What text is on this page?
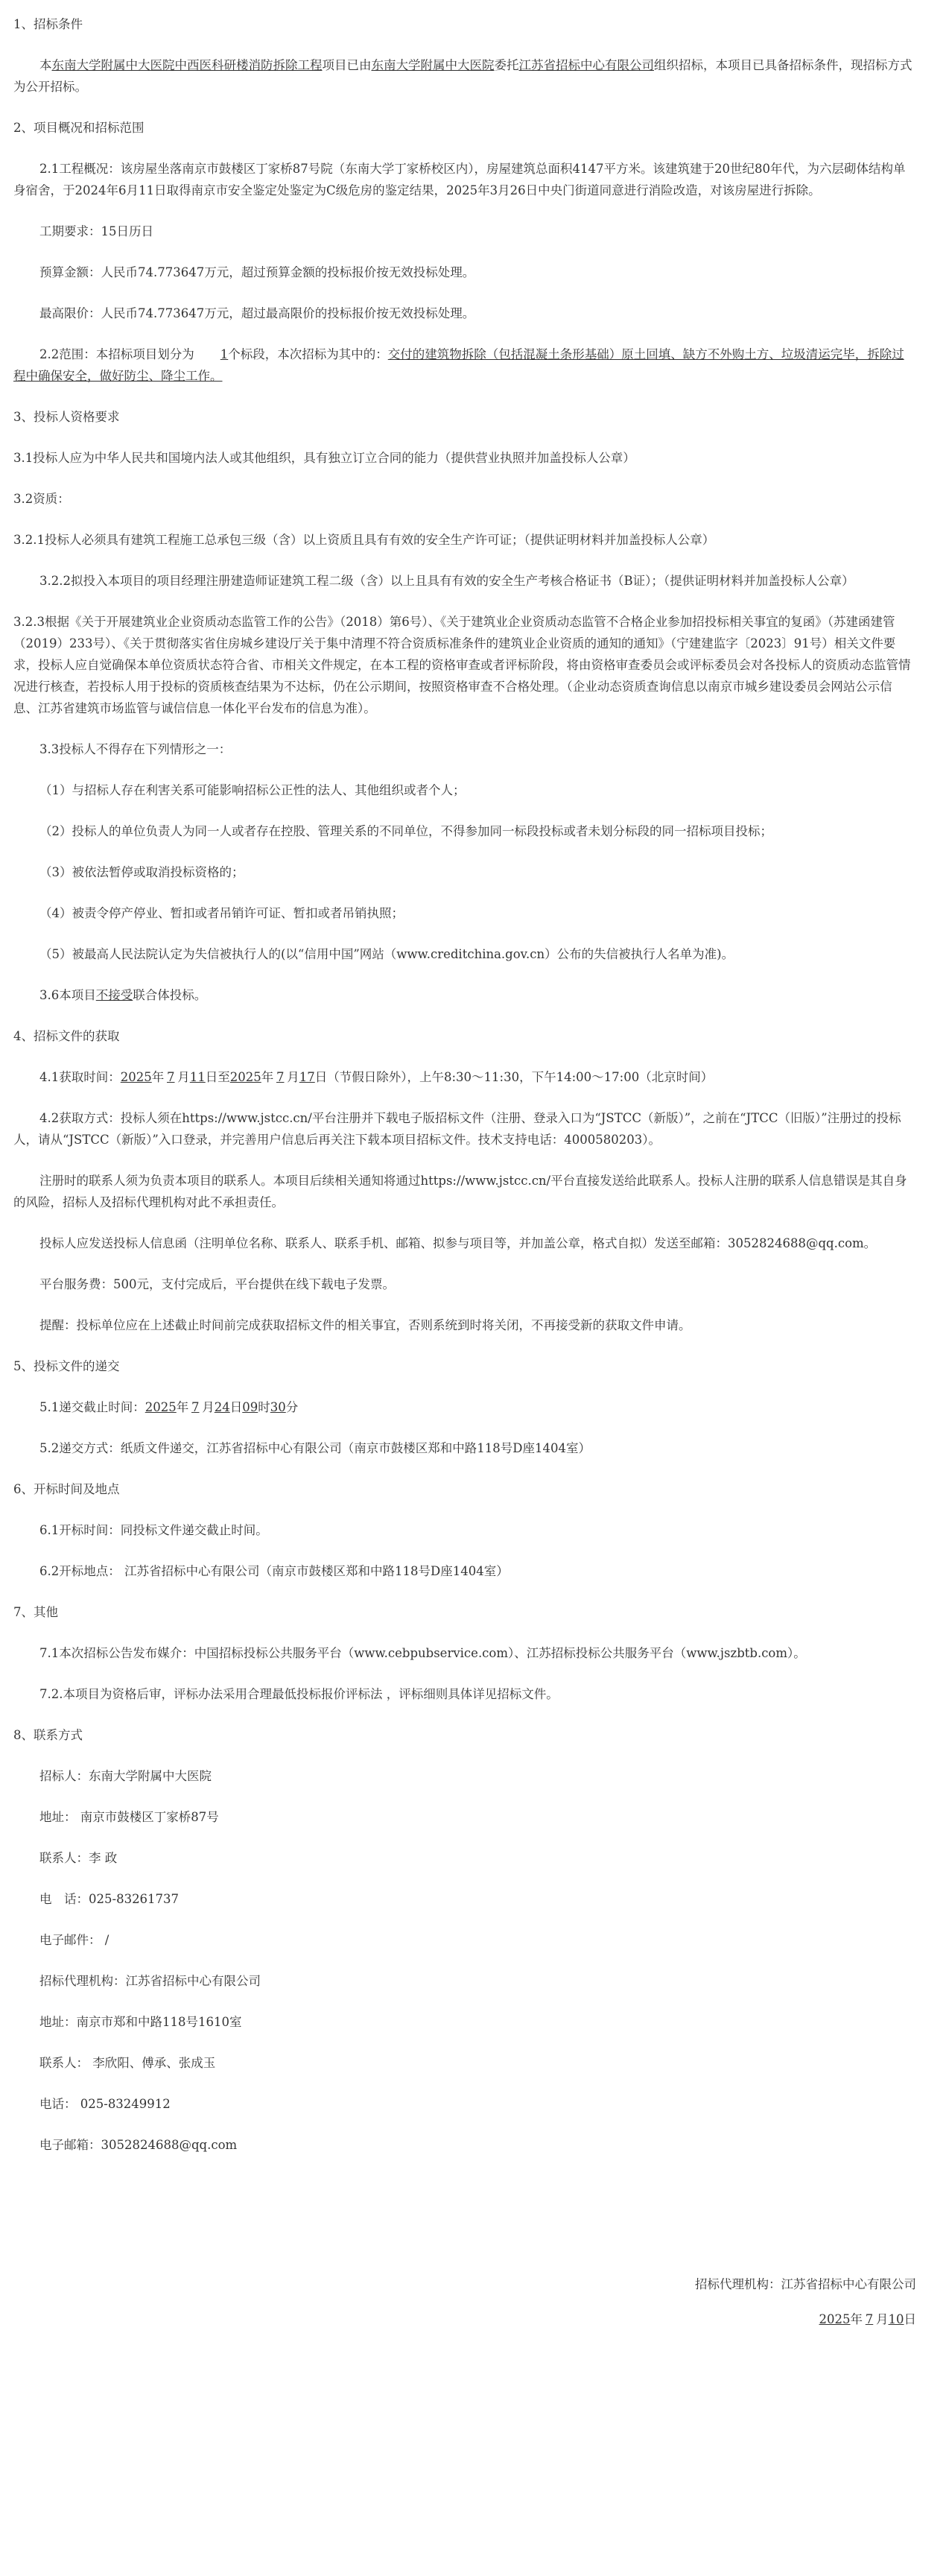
1、招标条件
本东南大学附属中大医院中西医科研楼消防拆除工程项目已由东南大学附属中大医院委托江苏省招标中心有限公司组织招标，本项目已具备招标条件，现招标方式为公开招标。
2、项目概况和招标范围
2.1工程概况：该房屋坐落南京市鼓楼区丁家桥87号院（东南大学丁家桥校区内），房屋建筑总面积4147平方米。该建筑建于20世纪80年代，为六层砌体结构单身宿舍，于2024年6月11日取得南京市安全鉴定处鉴定为C级危房的鉴定结果，2025年3月26日中央门街道同意进行消险改造，对该房屋进行拆除。
工期要求：15日历日
预算金额：人民币74.773647万元，超过预算金额的投标报价按无效投标处理。
最高限价：人民币74.773647万元，超过最高限价的投标报价按无效投标处理。
2.2范围：本招标项目划分为 1个标段，本次招标为其中的：交付的建筑物拆除（包括混凝土条形基础）原土回填、缺方不外购土方、垃圾清运完毕，拆除过程中确保安全，做好防尘、降尘工作。
3、投标人资格要求
3.1投标人应为中华人民共和国境内法人或其他组织，具有独立订立合同的能力（提供营业执照并加盖投标人公章）
3.2资质：
3.2.1投标人必须具有建筑工程施工总承包三级（含）以上资质且具有有效的安全生产许可证；（提供证明材料并加盖投标人公章）
3.2.2拟投入本项目的项目经理注册建造师证建筑工程二级（含）以上且具有有效的安全生产考核合格证书（B证）；（提供证明材料并加盖投标人公章）
3.2.3根据《关于开展建筑业企业资质动态监管工作的公告》（2018）第6号）、《关于建筑业企业资质动态监管不合格企业参加招投标相关事宜的复函》（苏建函建管（2019）233号）、《关于贯彻落实省住房城乡建设厅关于集中清理不符合资质标准条件的建筑业企业资质的通知的通知》（宁建建监字〔2023〕91号）相关文件要求，投标人应自觉确保本单位资质状态符合省、市相关文件规定，在本工程的资格审查或者评标阶段，将由资格审查委员会或评标委员会对各投标人的资质动态监管情况进行核查，若投标人用于投标的资质核查结果为不达标，仍在公示期间，按照资格审查不合格处理。（企业动态资质查询信息以南京市城乡建设委员会网站公示信息、江苏省建筑市场监管与诚信信息一体化平台发布的信息为准）。
3.3投标人不得存在下列情形之一：
（1）与招标人存在利害关系可能影响招标公正性的法人、其他组织或者个人；
（2）投标人的单位负责人为同一人或者存在控股、管理关系的不同单位，不得参加同一标段投标或者未划分标段的同一招标项目投标；
（3）被依法暂停或取消投标资格的；
（4）被责令停产停业、暂扣或者吊销许可证、暂扣或者吊销执照；
（5）被最高人民法院认定为失信被执行人的(以“信用中国”网站（www.creditchina.gov.cn）公布的失信被执行人名单为准)。
3.6本项目不接受联合体投标。
4、招标文件的获取
4.1获取时间：2025年 7 月11日至2025年 7 月17日（节假日除外），上午8:30～11:30，下午14:00～17:00（北京时间）
4.2获取方式：投标人须在https://www.jstcc.cn/平台注册并下载电子版招标文件（注册、登录入口为“JSTCC（新版）”，之前在“JTCC（旧版）”注册过的投标人，请从“JSTCC（新版）”入口登录，并完善用户信息后再关注下载本项目招标文件。技术支持电话：4000580203）。
注册时的联系人须为负责本项目的联系人。本项目后续相关通知将通过https://www.jstcc.cn/平台直接发送给此联系人。投标人注册的联系人信息错误是其自身的风险，招标人及招标代理机构对此不承担责任。
投标人应发送投标人信息函（注明单位名称、联系人、联系手机、邮箱、拟参与项目等，并加盖公章，格式自拟）发送至邮箱：3052824688@qq.com。
平台服务费：500元，支付完成后，平台提供在线下载电子发票。
提醒：投标单位应在上述截止时间前完成获取招标文件的相关事宜，否则系统到时将关闭，不再接受新的获取文件申请。
5、投标文件的递交
5.1递交截止时间：2025年 7 月24日09时30分
5.2递交方式：纸质文件递交，江苏省招标中心有限公司（南京市鼓楼区郑和中路118号D座1404室）
6、开标时间及地点
6.1开标时间：同投标文件递交截止时间。
6.2开标地点： 江苏省招标中心有限公司（南京市鼓楼区郑和中路118号D座1404室）
7、其他
7.1本次招标公告发布媒介：中国招标投标公共服务平台（www.cebpubservice.com）、江苏招标投标公共服务平台（www.jszbtb.com）。
7.2.本项目为资格后审，评标办法采用合理最低投标报价评标法 ，评标细则具体详见招标文件。
8、联系方式
招标人：东南大学附属中大医院
地址： 南京市鼓楼区丁家桥87号
联系人：李 政
电　话：025-83261737
电子邮件： /
招标代理机构：江苏省招标中心有限公司
地址：南京市郑和中路118号1610室
联系人： 李欣阳、傅承、张成玉
电话： 025-83249912
电子邮箱：3052824688@qq.com
招标代理机构：江苏省招标中心有限公司
2025年 7 月10日
